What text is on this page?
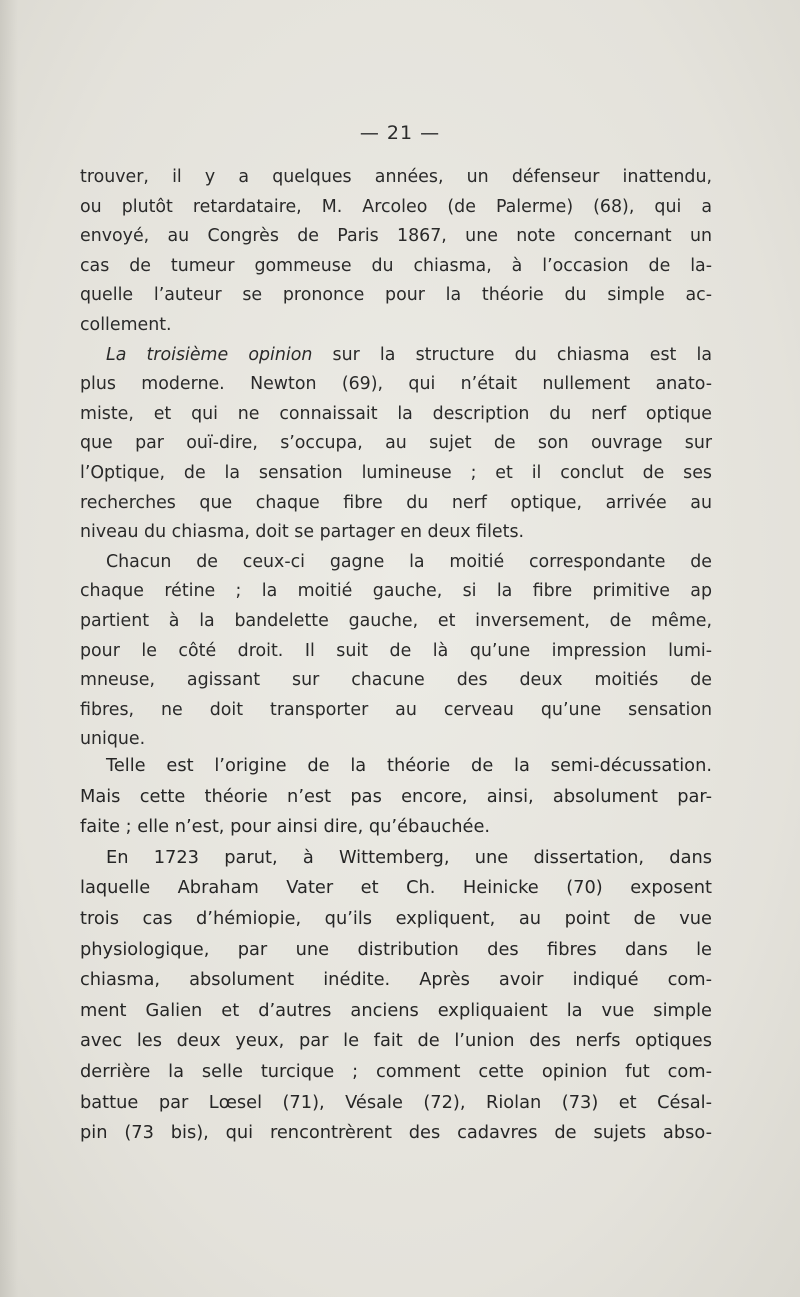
— 21 —
trouver, il y a quelques années, un défenseur inattendu,
ou plutôt retardataire, M. Arcoleo (de Palerme) (68), qui a
envoyé, au Congrès de Paris 1867, une note concernant un
cas de tumeur gommeuse du chiasma, à l’occasion de la-
quelle l’auteur se prononce pour la théorie du simple ac-
collement.
La troisième opinion sur la structure du chiasma est la
plus moderne. Newton (69), qui n’était nullement anato-
miste, et qui ne connaissait la description du nerf optique
que par ouï-dire, s’occupa, au sujet de son ouvrage sur
l’Optique, de la sensation lumineuse ; et il conclut de ses
recherches que chaque fibre du nerf optique, arrivée au
niveau du chiasma, doit se partager en deux filets.
Chacun de ceux-ci gagne la moitié correspondante de
chaque rétine ; la moitié gauche, si la fibre primitive ap
partient à la bandelette gauche, et inversement, de même,
pour le côté droit. Il suit de là qu’une impression lumi-
mneuse, agissant sur chacune des deux moitiés de
fibres, ne doit transporter au cerveau qu’une sensation
unique.
Telle est l’origine de la théorie de la semi-décussation.
Mais cette théorie n’est pas encore, ainsi, absolument par-
faite ; elle n’est, pour ainsi dire, qu’ébauchée.
En 1723 parut, à Wittemberg, une dissertation, dans
laquelle Abraham Vater et Ch. Heinicke (70) exposent
trois cas d’hémiopie, qu’ils expliquent, au point de vue
physiologique, par une distribution des fibres dans le
chiasma, absolument inédite. Après avoir indiqué com-
ment Galien et d’autres anciens expliquaient la vue simple
avec les deux yeux, par le fait de l’union des nerfs optiques
derrière la selle turcique ; comment cette opinion fut com-
battue par Lœsel (71), Vésale (72), Riolan (73) et Césal-
pin (73 bis), qui rencontrèrent des cadavres de sujets abso-
